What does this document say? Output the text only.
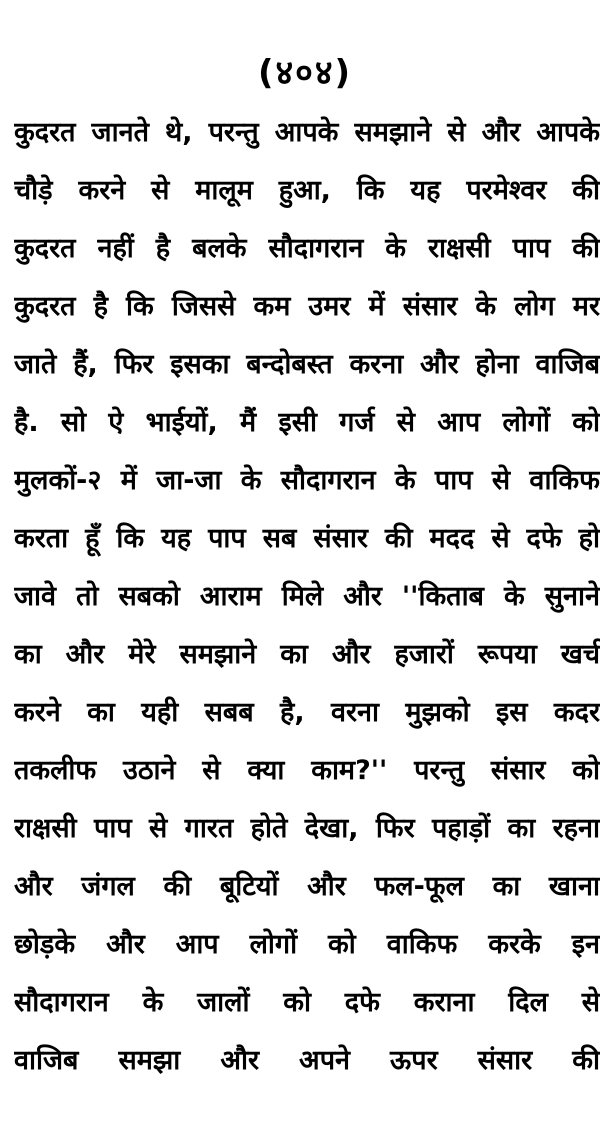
(४०४)
कुदरत जानते थे, परन्तु आपके समझाने से और आपके
चौड़े करने से मालूम हुआ, कि यह परमेश्वर की
कुदरत नहीं है बलके सौदागरान के राक्षसी पाप की
कुदरत है कि जिससे कम उमर में संसार के लोग मर
जाते हैं, फिर इसका बन्दोबस्त करना और होना वाजिब
है. सो ऐ भाईयों, मैं इसी गर्ज से आप लोगों को
मुलकों-२ में जा-जा के सौदागरान के पाप से वाकिफ
करता हूँ कि यह पाप सब संसार की मदद से दफे हो
जावे तो सबको आराम मिले और ''किताब के सुनाने
का और मेरे समझाने का और हजारों रूपया खर्च
करने का यही सबब है, वरना मुझको इस कदर
तकलीफ उठाने से क्या काम?'' परन्तु संसार को
राक्षसी पाप से गारत होते देखा, फिर पहाड़ों का रहना
और जंगल की बूटियों और फल-फूल का खाना
छोड़के और आप लोगों को वाकिफ करके इन
सौदागरान के जालों को दफे कराना दिल से
वाजिब समझा और अपने ऊपर संसार की
